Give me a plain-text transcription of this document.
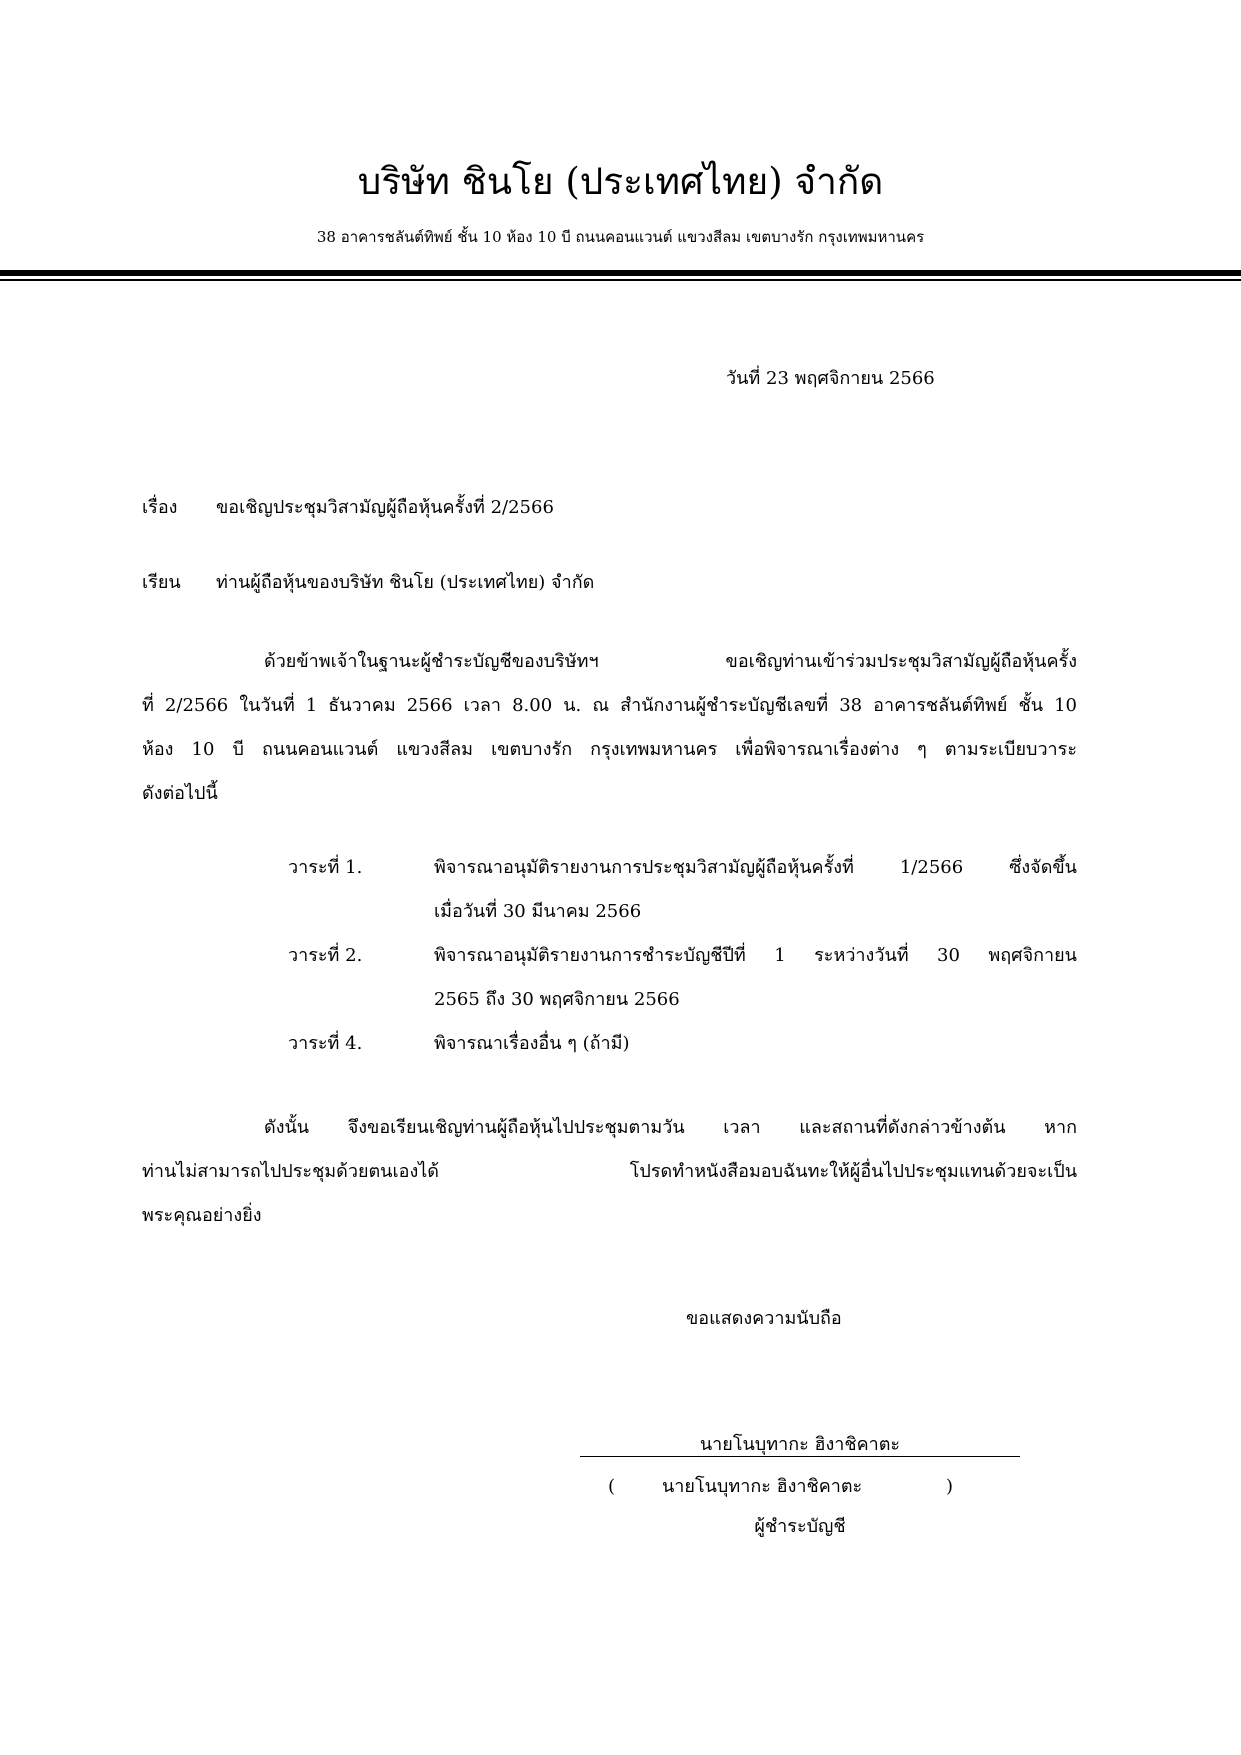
บริษัท ชินโย (ประเทศไทย) จำกัด
38 อาคารชลันต์ทิพย์ ชั้น 10 ห้อง 10 บี ถนนคอนแวนต์ แขวงสีลม เขตบางรัก กรุงเทพมหานคร
วันที่ 23 พฤศจิกายน 2566
เรื่อง ขอเชิญประชุมวิสามัญผู้ถือหุ้นครั้งที่ 2/2566
เรียน ท่านผู้ถือหุ้นของบริษัท ชินโย (ประเทศไทย) จำกัด
ด้วยข้าพเจ้าในฐานะผู้ชำระบัญชีของบริษัทฯ ขอเชิญท่านเข้าร่วมประชุมวิสามัญผู้ถือหุ้นครั้ง
ที่ 2/2566 ในวันที่ 1 ธันวาคม 2566 เวลา 8.00 น. ณ สำนักงานผู้ชำระบัญชีเลขที่ 38 อาคารชลันต์ทิพย์ ชั้น 10
ห้อง 10 บี ถนนคอนแวนต์ แขวงสีลม เขตบางรัก กรุงเทพมหานคร เพื่อพิจารณาเรื่องต่าง ๆ ตามระเบียบวาระ
ดังต่อไปนี้
วาระที่ 1.	พิจารณาอนุมัติรายงานการประชุมวิสามัญผู้ถือหุ้นครั้งที่ 1/2566 ซึ่งจัดขึ้น
เมื่อวันที่ 30 มีนาคม 2566
วาระที่ 2.	พิจารณาอนุมัติรายงานการชำระบัญชีปีที่ 1 ระหว่างวันที่ 30 พฤศจิกายน
2565 ถึง 30 พฤศจิกายน 2566
วาระที่ 4.	พิจารณาเรื่องอื่น ๆ (ถ้ามี)
ดังนั้น จึงขอเรียนเชิญท่านผู้ถือหุ้นไปประชุมตามวัน เวลา และสถานที่ดังกล่าวข้างต้น หาก
ท่านไม่สามารถไปประชุมด้วยตนเองได้ โปรดทำหนังสือมอบฉันทะให้ผู้อื่นไปประชุมแทนด้วยจะเป็น
พระคุณอย่างยิ่ง
ขอแสดงความนับถือ
นายโนบุทากะ ฮิงาชิคาตะ
(	นายโนบุทากะ ฮิงาชิคาตะ	)
ผู้ชำระบัญชี
